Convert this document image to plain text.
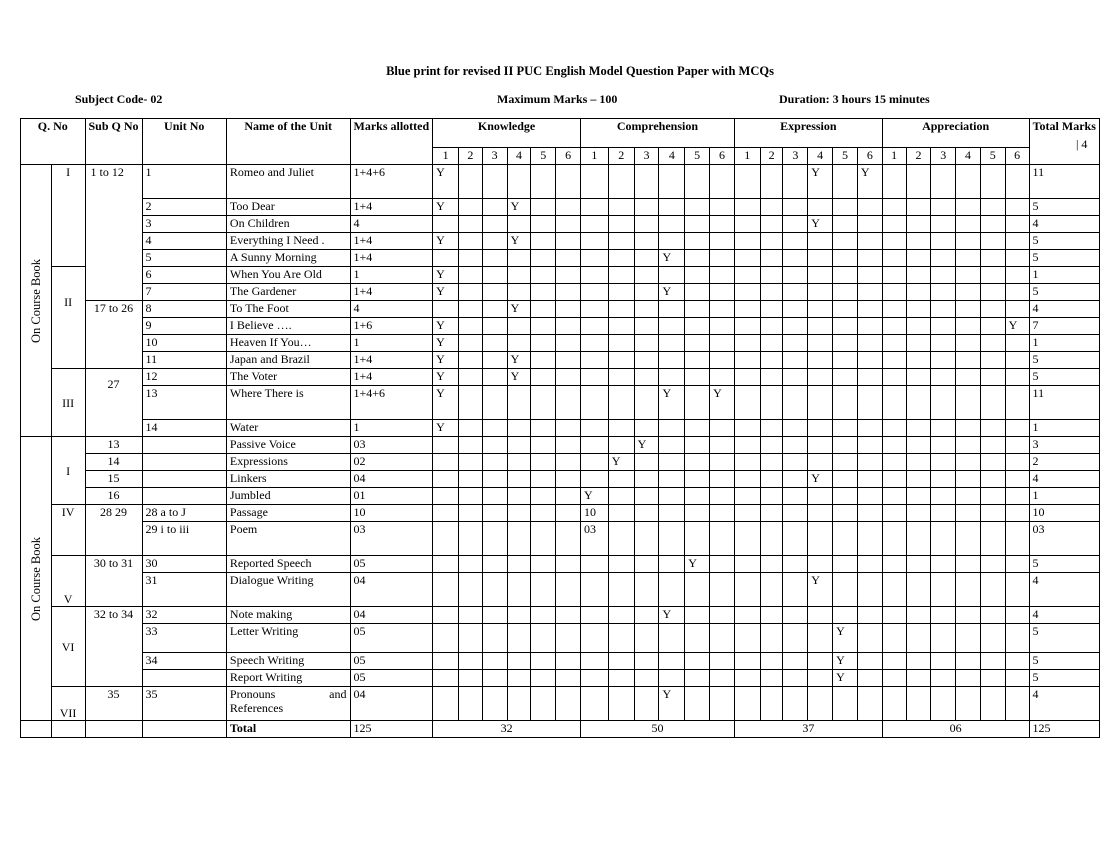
Blue print for revised II PUC English Model Question Paper with MCQs
Subject Code- 02	Maximum Marks – 100	Duration: 3 hours 15 minutes
| 4
Q. No		Sub Q No	Unit No	Name of the Unit	Marks allotted	Knowledge						Comprehension						Expression						Appreciation						Total Marks
						1	2	3	4	5	6	1	2	3	4	5	6	1	2	3	4	5	6	1	2	3	4	5	6	

On Course Book	I	1 to 12	1	Romeo and Juliet	1+4+6	Y															Y		Y							11
			2	Too Dear	1+4	Y			Y																					5
			3	On Children	4																Y									4
			4	Everything I Need .	1+4	Y			Y																					5
			5	A Sunny Morning	1+4										Y															5
	II		6	When You Are Old	1	Y																								1
			7	The Gardener	1+4	Y									Y															5
		17 to 26	8	To The Foot	4				Y																					4
			9	I Believe ….	1+6	Y																							Y	7
			10	Heaven If You…	1	Y																								1
			11	Japan and Brazil	1+4	Y			Y																					5
	III	27	12	The Voter	1+4	Y			Y																					5
			13	Where There is	1+4+6	Y									Y		Y													11
			14	Water	1	Y																								1

On Course Book	I	13		Passive Voice	03									Y																3
		14		Expressions	02								Y																	2
		15		Linkers	04																Y									4
		16		Jumbled	01							Y																		1
	IV	28 29	28 a to J	Passage	10							10																		10
			29 i to iii	Poem	03							03																		03
	V	30 to 31	30	Reported Speech	05											Y														5
			31	Dialogue Writing	04																Y									4
	VI	32 to 34	32	Note making	04										Y															4
			33	Letter Writing	05																	Y								5
			34	Speech Writing	05																	Y								5
				Report Writing	05																	Y								5
	VII	35	35	Pronouns and References	04										Y															4
				Total	125	32						50						37						06						125
